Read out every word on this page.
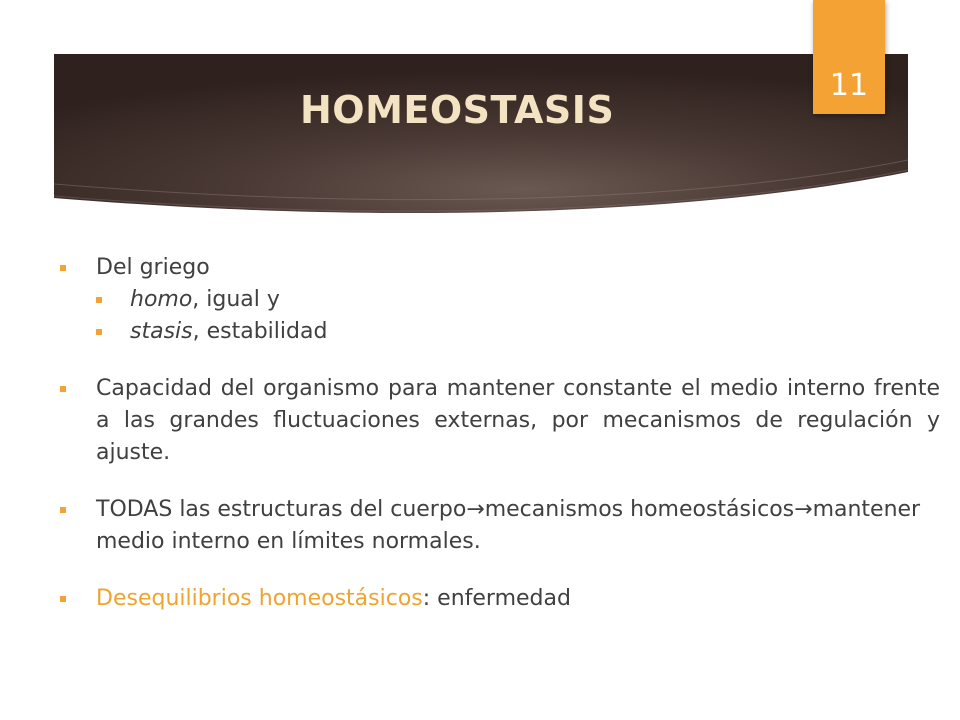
HOMEOSTASIS
11
Del griego
homo, igual y
stasis, estabilidad
Capacidad del organismo para mantener constante el medio interno frente a las grandes fluctuaciones externas, por mecanismos de regulación y ajuste.
TODAS las estructuras del cuerpo→mecanismos homeostásicos→mantener medio interno en límites normales.
Desequilibrios homeostásicos: enfermedad
